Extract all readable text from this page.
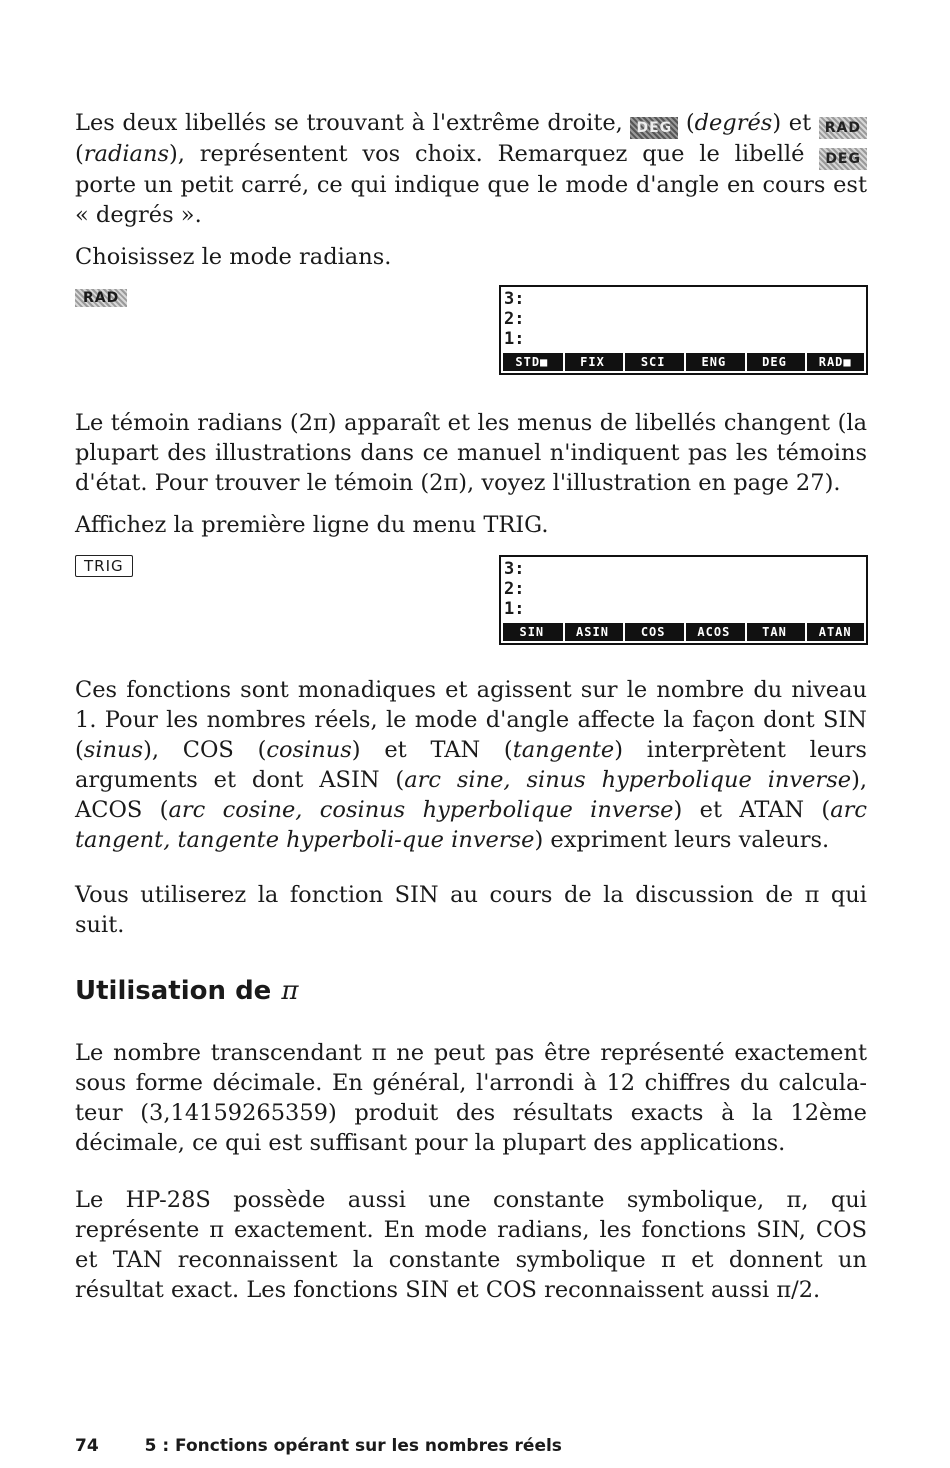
Les deux libellés se trouvant à l'extrême droite, DEG (degrés) et RAD (radians), représentent vos choix. Remarquez que le libellé DEG porte un petit carré, ce qui indique que le mode d'angle en cours est « degrés ».

Choisissez le mode radians.

RAD	3:
2:
1:
STD■	FIX	SCI	ENG	DEG	RAD■

Le témoin radians (2π) apparaît et les menus de libellés changent (la plupart des illustrations dans ce manuel n'indiquent pas les témoins d'état. Pour trouver le témoin (2π), voyez l'illustration en page 27).

Affichez la première ligne du menu TRIG.

TRIG	3:
2:
1:
SIN	ASIN	COS	ACOS	TAN	ATAN

Ces fonctions sont monadiques et agissent sur le nombre du niveau 1. Pour les nombres réels, le mode d'angle affecte la façon dont SIN (sinus), COS (cosinus) et TAN (tangente) interprètent leurs arguments et dont ASIN (arc sine, sinus hyperbolique inverse), ACOS (arc cosine, cosinus hyperbolique inverse) et ATAN (arc tangent, tangente hyperboli-que inverse) expriment leurs valeurs.

Vous utiliserez la fonction SIN au cours de la discussion de π qui suit.

Utilisation de π

Le nombre transcendant π ne peut pas être représenté exactement sous forme décimale. En général, l'arrondi à 12 chiffres du calcula-teur (3,14159265359) produit des résultats exacts à la 12ème décimale, ce qui est suffisant pour la plupart des applications.

Le HP-28S possède aussi une constante symbolique, π, qui représente π exactement. En mode radians, les fonctions SIN, COS et TAN reconnaissent la constante symbolique π et donnent un résultat exact. Les fonctions SIN et COS reconnaissent aussi π/2.

74	5 : Fonctions opérant sur les nombres réels
